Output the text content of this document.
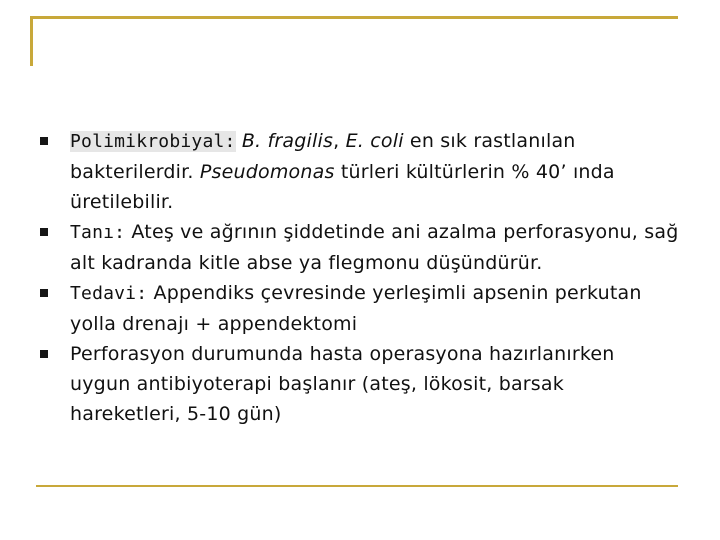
Polimikrobiyal: B. fragilis, E. coli en sık rastlanılan bakterilerdir. Pseudomonas türleri kültürlerin % 40’ ında üretilebilir.
Tanı: Ateş ve ağrının şiddetinde ani azalma perforasyonu, sağ alt kadranda kitle abse ya flegmonu düşündürür.
Tedavi: Appendiks çevresinde yerleşimli apsenin perkutan yolla drenajı + appendektomi
Perforasyon durumunda hasta operasyona hazırlanırken uygun antibiyoterapi başlanır (ateş, lökosit, barsak hareketleri, 5-10 gün)
